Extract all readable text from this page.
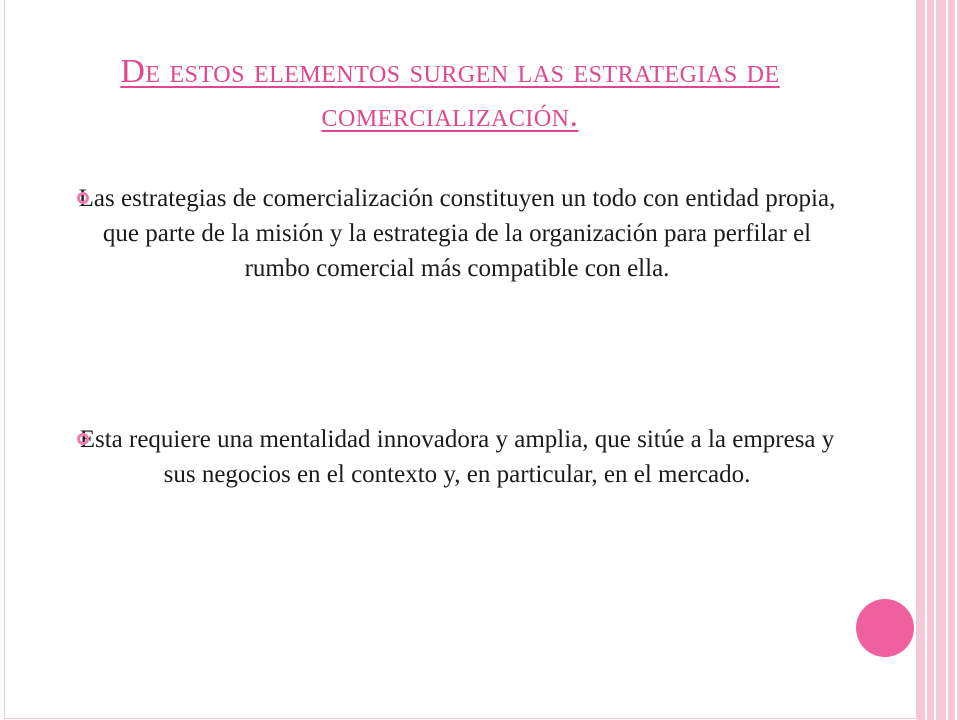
De estos elementos surgen las estrategias de comercialización.
Las estrategias de comercialización constituyen un todo con entidad propia, que parte de la misión y la estrategia de la organización para perfilar el rumbo comercial más compatible con ella.
Esta requiere una mentalidad innovadora y amplia, que sitúe a la empresa y sus negocios en el contexto y, en particular, en el mercado.
